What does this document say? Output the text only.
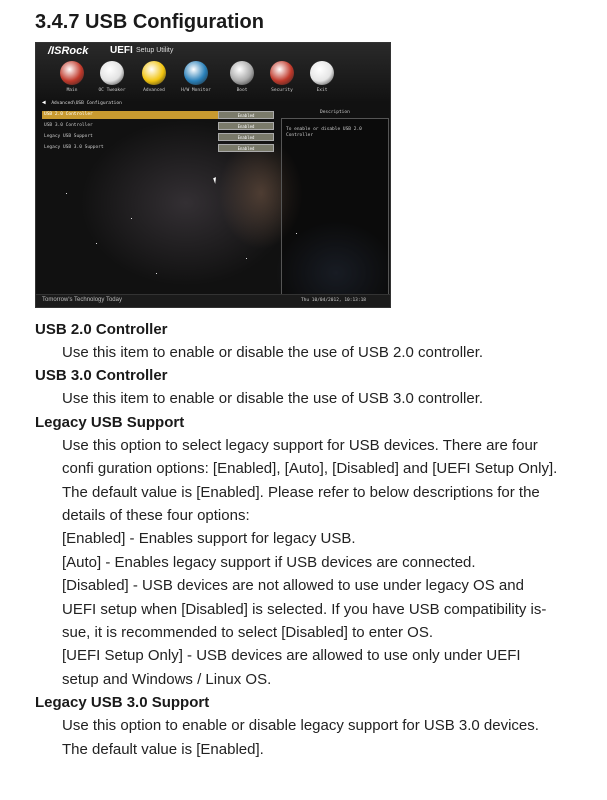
3.4.7 USB Configuration
/ISRock UEFI Setup Utility
Main	OC Tweaker	Advanced	H/W Monitor	Boot	Security	Exit
◀ Advanced\USB Configuration
USB 2.0 Controller	Enabled
USB 3.0 Controller	Enabled
Legacy USB Support	Enabled
Legacy USB 3.0 Support	Enabled
Description
To enable or disable USB 2.0 Controller
Tomorrow's Technology Today	Thu 10/04/2012, 10:13:18
USB 2.0 Controller
Use this item to enable or disable the use of USB 2.0 controller.
USB 3.0 Controller
Use this item to enable or disable the use of USB 3.0 controller.
Legacy USB Support
Use this option to select legacy support for USB devices. There are four
confi guration options: [Enabled], [Auto], [Disabled] and [UEFI Setup Only].
The default value is [Enabled]. Please refer to below descriptions for the
details of these four options:
[Enabled] - Enables support for legacy USB.
[Auto] - Enables legacy support if USB devices are connected.
[Disabled] - USB devices are not allowed to use under legacy OS and
UEFI setup when [Disabled] is selected. If you have USB compatibility is-
sue, it is recommended to select [Disabled] to enter OS.
[UEFI Setup Only] - USB devices are allowed to use only under UEFI
setup and Windows / Linux OS.
Legacy USB 3.0 Support
Use this option to enable or disable legacy support for USB 3.0 devices.
The default value is [Enabled].
